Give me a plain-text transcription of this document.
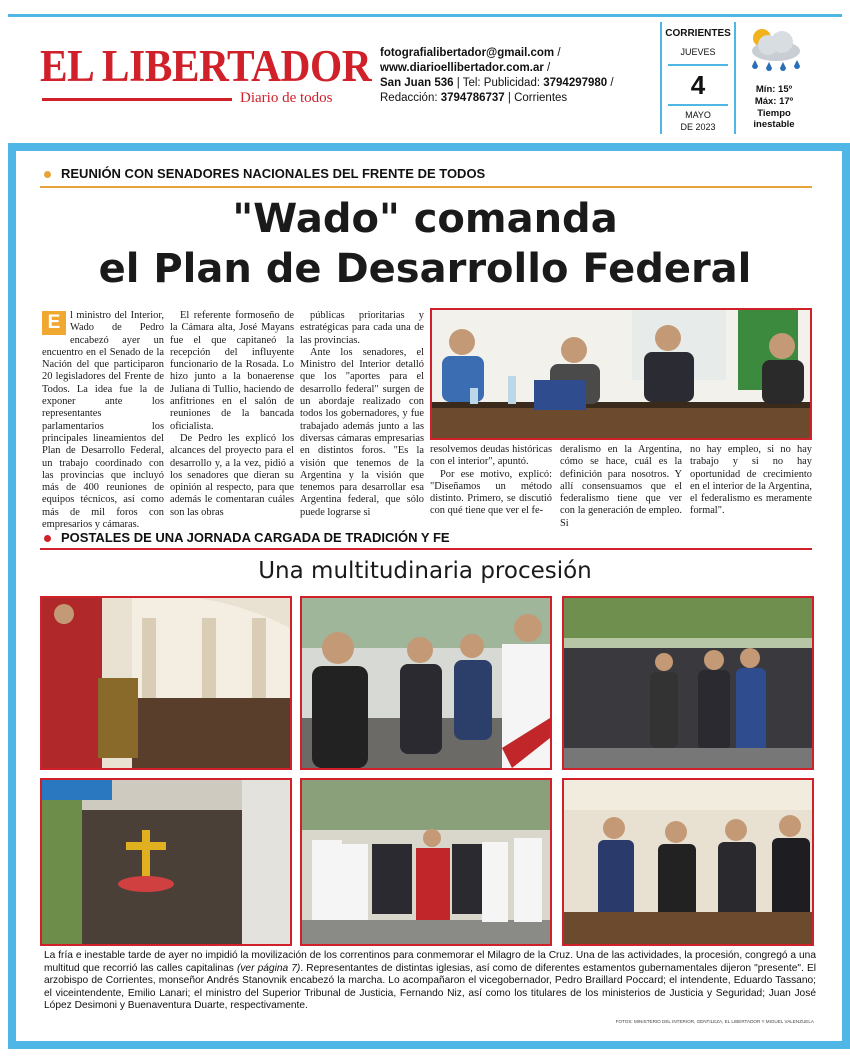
EL LIBERTADOR
Diario de todos
fotografialibertador@gmail.com /
www.diarioellibertador.com.ar /
San Juan 536 | Tel: Publicidad: 3794297980 /
Redacción: 3794786737 | Corrientes
CORRIENTES
JUEVES
4
MAYO
DE 2023
Mín: 15º
Máx: 17º
Tiempo inestable
REUNIÓN CON SENADORES NACIONALES DEL FRENTE DE TODOS
"Wado" comanda
el Plan de Desarrollo Federal
E l ministro del Interior, Wado de Pedro encabezó ayer un encuentro en el Senado de la Nación del que participaron 20 legisladores del Frente de Todos. La idea fue la de exponer ante los representantes parlamentarios los principales lineamientos del Plan de Desarrollo Federal, un trabajo coordinado con las provincias que incluyó más de 400 reuniones de equipos técnicos, así como más de mil foros con empresarios y cámaras.
El referente formoseño de la Cámara alta, José Mayans fue el que capitaneó la recepción del influyente funcionario de la Rosada. Lo hizo junto a la bonaerense Juliana di Tullio, haciendo de anfitriones en el salón de reuniones de la bancada oficialista.
De Pedro les explicó los alcances del proyecto para el desarrollo y, a la vez, pidió a los senadores que dieran su opinión al respecto, para que además le comentaran cuáles son las obras
públicas prioritarias y estratégicas para cada una de las provincias.
Ante los senadores, el Ministro del Interior detalló que los "aportes para el desarrollo federal" surgen de un abordaje realizado con todos los gobernadores, y fue trabajado además junto a las diversas cámaras empresarias en distintos foros. "Es la visión que tenemos de la Argentina y la visión que tenemos para desarrollar esa Argentina federal, que sólo puede lograrse si
resolvemos deudas históricas con el interior", apuntó.
Por ese motivo, explicó: "Diseñamos un método distinto. Primero, se discutió con qué tiene que ver el fe-
deralismo en la Argentina, cómo se hace, cuál es la definición para nosotros. Y allí consensuamos que el federalismo tiene que ver con la generación de empleo. Si
no hay empleo, si no hay trabajo y si no hay oportunidad de crecimiento en el interior de la Argentina, el federalismo es meramente formal".
POSTALES DE UNA JORNADA CARGADA DE TRADICIÓN Y FE
Una multitudinaria procesión
La fría e inestable tarde de ayer no impidió la movilización de los correntinos para conmemorar el Milagro de la Cruz. Una de las actividades, la procesión, congregó a una multitud que recorrió las calles capitalinas (ver página 7). Representantes de distintas iglesias, así como de diferentes estamentos gubernamentales dijeron "presente". El arzobispo de Corrientes, monseñor Andrés Stanovnik encabezó la marcha. Lo acompañaron el vicegobernador, Pedro Braillard Poccard; el intendente, Eduardo Tassano; el viceintendente, Emilio Lanari; el ministro del Superior Tribunal de Justicia, Fernando Niz, así como los titulares de los ministerios de Justicia y Seguridad; Juan José López Desimoni y Buenaventura Duarte, respectivamente.
FOTOS: MINISTERIO DEL INTERIOR, GENTILEZA, EL LIBERTADOR Y MIGUEL VALENZUELA
